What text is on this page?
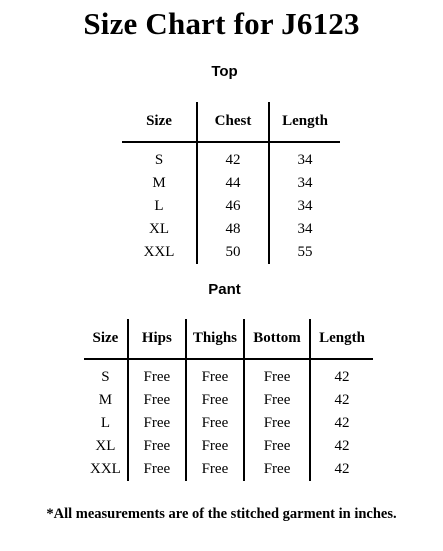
Size Chart for J6123
Top
Size	Chest	Length
S	42	34
M	44	34
L	46	34
XL	48	34
XXL	50	55
Pant
Size	Hips	Thighs	Bottom	Length
S	Free	Free	Free	42
M	Free	Free	Free	42
L	Free	Free	Free	42
XL	Free	Free	Free	42
XXL	Free	Free	Free	42
*All measurements are of the stitched garment in inches.
